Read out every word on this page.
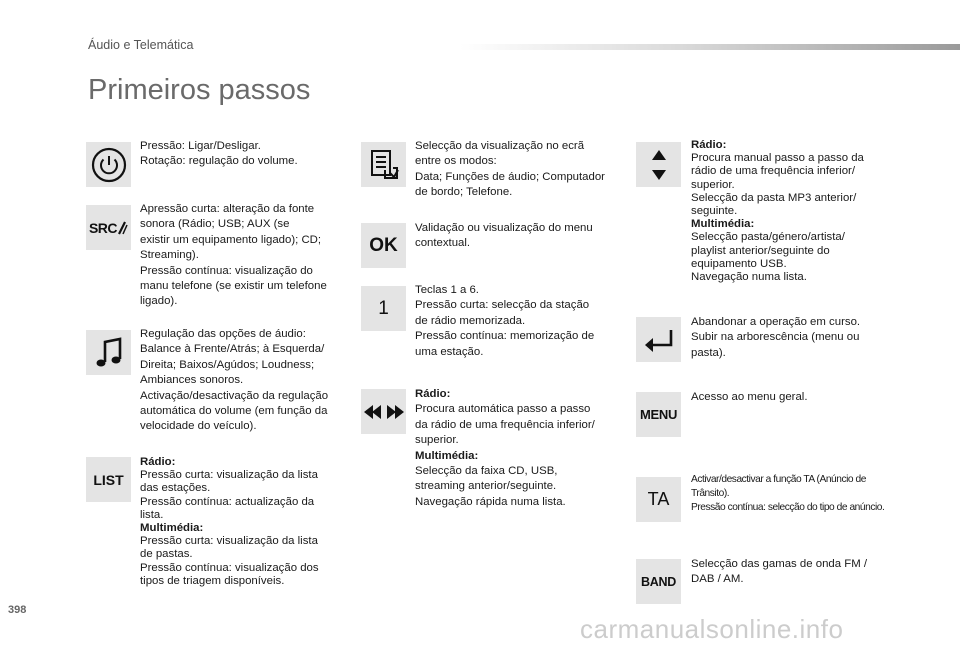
Áudio e Telemática
Primeiros passos
Pressão: Ligar/Desligar.
Rotação: regulação do volume.
SRC
Apressão curta: alteração da fonte
sonora (Rádio; USB; AUX (se
existir um equipamento ligado); CD;
Streaming).
Pressão contínua: visualização do
manu telefone (se existir um telefone
ligado).
Regulação das opções de áudio:
Balance à Frente/Atrás; à Esquerda/
Direita; Baixos/Agúdos; Loudness;
Ambiances sonoros.
Activação/desactivação da regulação
automática do volume (em função da
velocidade do veículo).
LIST
Rádio:
Pressão curta: visualização da lista
das estações.
Pressão contínua: actualização da
lista.
Multimédia:
Pressão curta: visualização da lista
de pastas.
Pressão contínua: visualização dos
tipos de triagem disponíveis.
Selecção da visualização no ecrã
entre os modos:
Data; Funções de áudio; Computador
de bordo; Telefone.
OK
Validação ou visualização do menu
contextual.
1
Teclas 1 a 6.
Pressão curta: selecção da stação
de rádio memorizada.
Pressão contínua: memorização de
uma estação.
Rádio:
Procura automática passo a passo
da rádio de uma frequência inferior/
superior.
Multimédia:
Selecção da faixa CD, USB,
streaming anterior/seguinte.
Navegação rápida numa lista.
Rádio:
Procura manual passo a passo da
rádio de uma frequência inferior/
superior.
Selecção da pasta MP3 anterior/
seguinte.
Multimédia:
Selecção pasta/género/artista/
playlist anterior/seguinte do
equipamento USB.
Navegação numa lista.
Abandonar a operação em curso.
Subir na arborescência (menu ou
pasta).
MENU
Acesso ao menu geral.
TA
Activar/desactivar a função TA (Anúncio de
Trânsito).
Pressão contínua: selecção do tipo de anúncio.
BAND
Selecção das gamas de onda FM /
DAB / AM.
398
carmanualsonline.info
